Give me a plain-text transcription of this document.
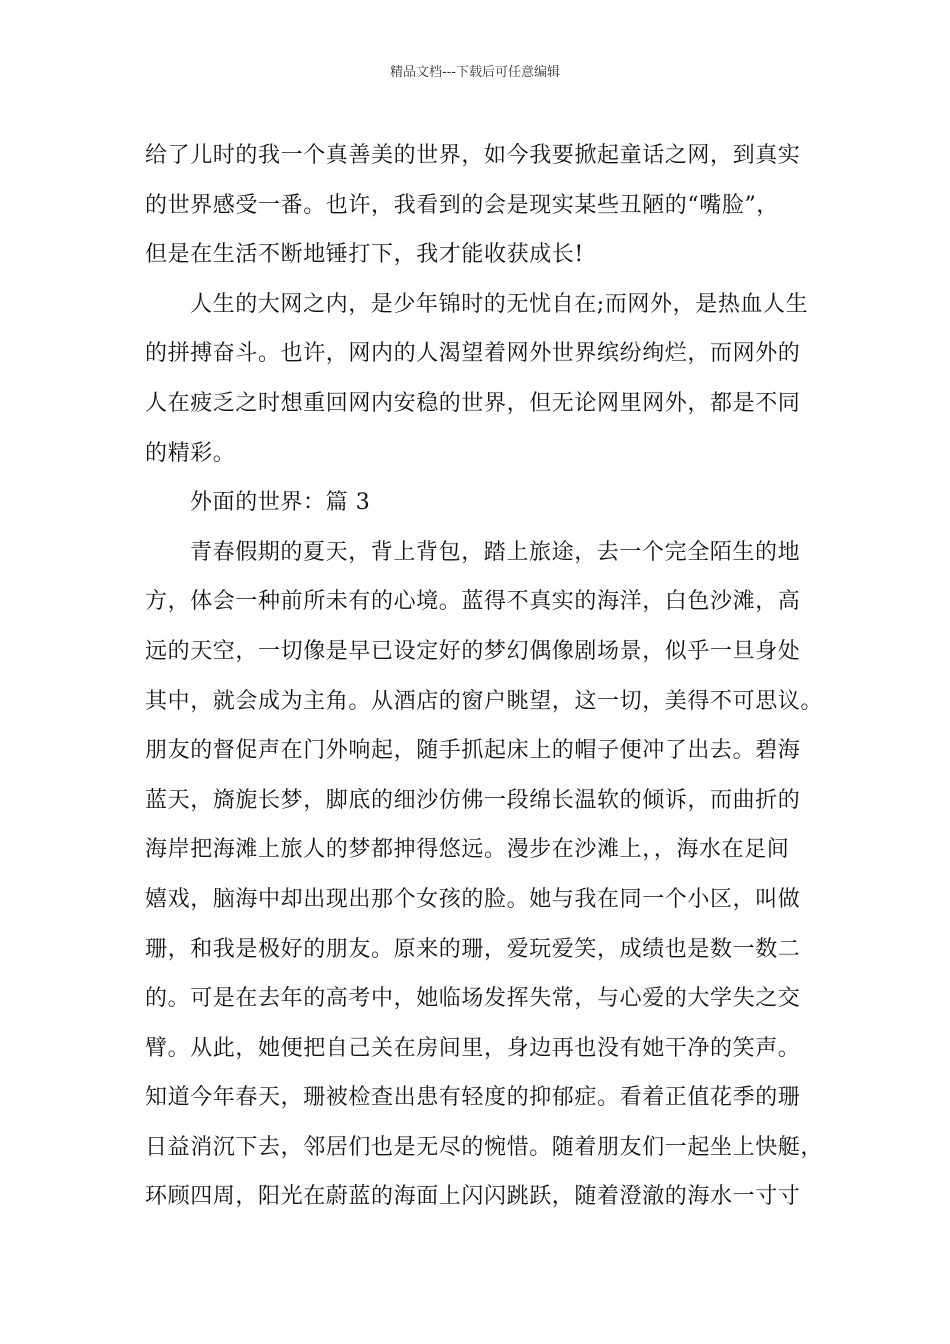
精品文档---下载后可任意编辑
给了儿时的我一个真善美的世界，如今我要掀起童话之网，到真实
的世界感受一番。也许，我看到的会是现实某些丑陋的“嘴脸”，
但是在生活不断地锤打下，我才能收获成长!
人生的大网之内，是少年锦时的无忧自在;而网外，是热血人生
的拼搏奋斗。也许，网内的人渴望着网外世界缤纷绚烂，而网外的
人在疲乏之时想重回网内安稳的世界，但无论网里网外，都是不同
的精彩。
外面的世界：篇 3
青春假期的夏天，背上背包，踏上旅途，去一个完全陌生的地
方，体会一种前所未有的心境。蓝得不真实的海洋，白色沙滩，高
远的天空，一切像是早已设定好的梦幻偶像剧场景，似乎一旦身处
其中，就会成为主角。从酒店的窗户眺望，这一切，美得不可思议。
朋友的督促声在门外响起，随手抓起床上的帽子便冲了出去。碧海
蓝天，旖旎长梦，脚底的细沙仿佛一段绵长温软的倾诉，而曲折的
海岸把海滩上旅人的梦都抻得悠远。漫步在沙滩上，，海水在足间
嬉戏，脑海中却出现出那个女孩的脸。她与我在同一个小区，叫做
珊，和我是极好的朋友。原来的珊，爱玩爱笑，成绩也是数一数二
的。可是在去年的高考中，她临场发挥失常，与心爱的大学失之交
臂。从此，她便把自己关在房间里，身边再也没有她干净的笑声。
知道今年春天，珊被检查出患有轻度的抑郁症。看着正值花季的珊
日益消沉下去，邻居们也是无尽的惋惜。随着朋友们一起坐上快艇，
环顾四周，阳光在蔚蓝的海面上闪闪跳跃，随着澄澈的海水一寸寸
